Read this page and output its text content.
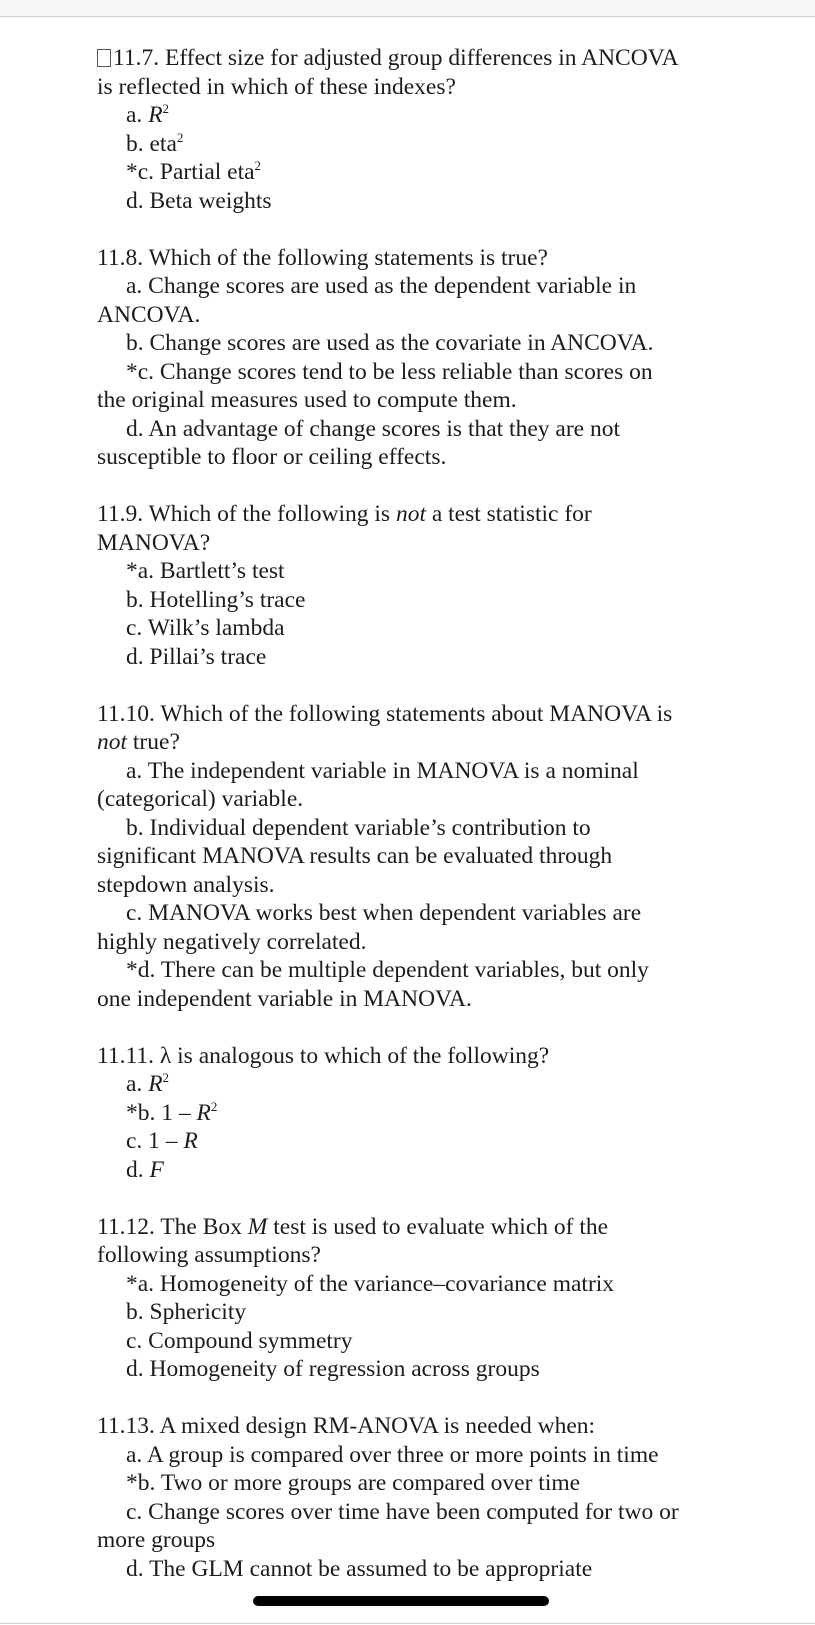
11.7. Effect size for adjusted group differences in ANCOVA
is reflected in which of these indexes?

a. $R^2$

b. eta$^2$

*c. Partial eta$^2$

d. Beta weights

11.8. Which of the following statements is true?

a. Change scores are used as the dependent variable in
ANCOVA.

b. Change scores are used as the covariate in ANCOVA.

*c. Change scores tend to be less reliable than scores on
the original measures used to compute them.

d. An advantage of change scores is that they are not
susceptible to floor or ceiling effects.

11.9. Which of the following is not a test statistic for
MANOVA?

*a. Bartlett’s test

b. Hotelling’s trace

c. Wilk’s lambda

d. Pillai’s trace

11.10. Which of the following statements about MANOVA is
not true?

a. The independent variable in MANOVA is a nominal
(categorical) variable.

b. Individual dependent variable’s contribution to
significant MANOVA results can be evaluated through
stepdown analysis.

c. MANOVA works best when dependent variables are
highly negatively correlated.

*d. There can be multiple dependent variables, but only
one independent variable in MANOVA.

11.11. λ is analogous to which of the following?

a. $R^2$

*b. $1 - R^2$

c. 1 – R

d. F

11.12. The Box M test is used to evaluate which of the
following assumptions?

*a. Homogeneity of the variance–covariance matrix

b. Sphericity

c. Compound symmetry

d. Homogeneity of regression across groups

11.13. A mixed design RM-ANOVA is needed when:

a. A group is compared over three or more points in time

*b. Two or more groups are compared over time

c. Change scores over time have been computed for two or
more groups

d. The GLM cannot be assumed to be appropriate
